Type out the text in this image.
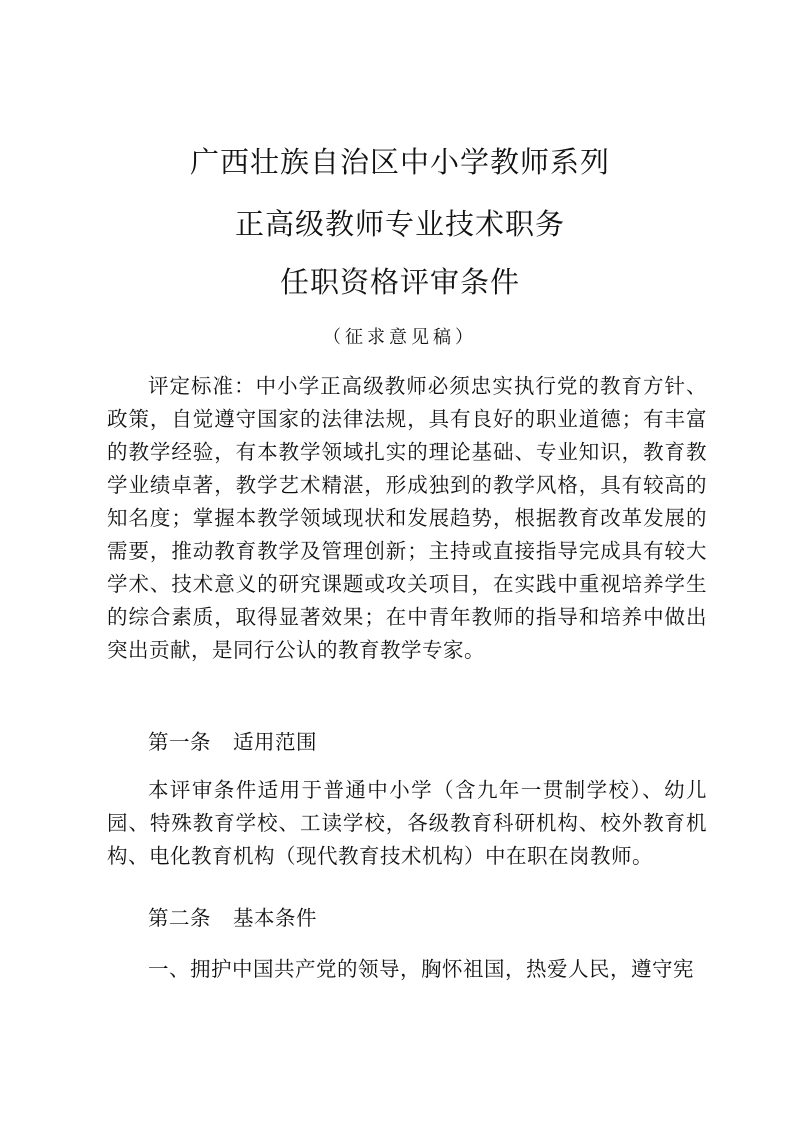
广西壮族自治区中小学教师系列
正高级教师专业技术职务
任职资格评审条件
（征求意见稿）

评定标准：中小学正高级教师必须忠实执行党的教育方针、政策，自觉遵守国家的法律法规，具有良好的职业道德；有丰富的教学经验，有本教学领域扎实的理论基础、专业知识，教育教学业绩卓著，教学艺术精湛，形成独到的教学风格，具有较高的知名度；掌握本教学领域现状和发展趋势，根据教育改革发展的需要，推动教育教学及管理创新；主持或直接指导完成具有较大学术、技术意义的研究课题或攻关项目，在实践中重视培养学生的综合素质，取得显著效果；在中青年教师的指导和培养中做出突出贡献，是同行公认的教育教学专家。

第一条 适用范围

本评审条件适用于普通中小学（含九年一贯制学校）、幼儿园、特殊教育学校、工读学校，各级教育科研机构、校外教育机构、电化教育机构（现代教育技术机构）中在职在岗教师。

第二条 基本条件

一、拥护中国共产党的领导，胸怀祖国，热爱人民，遵守宪
